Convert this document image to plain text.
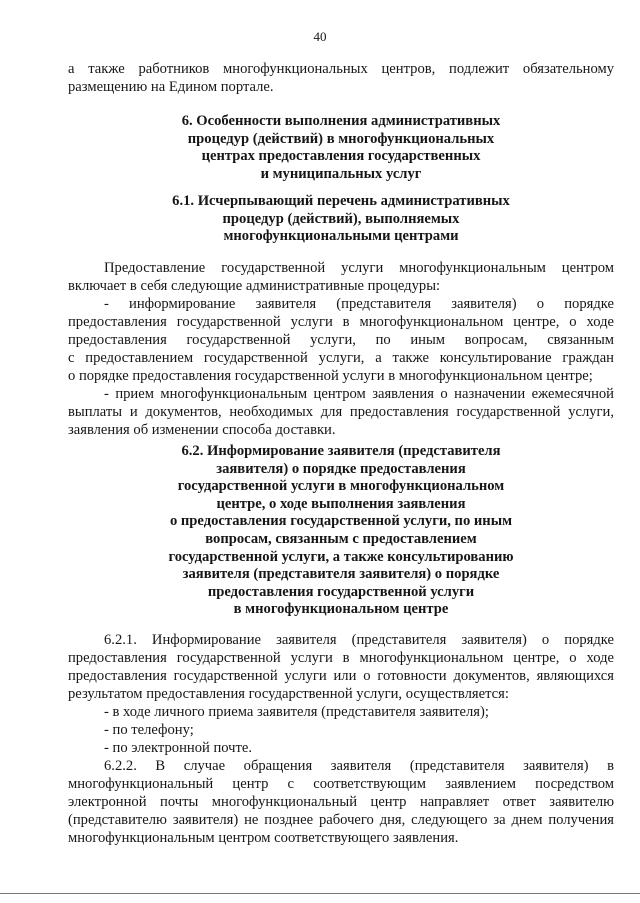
40
а также работников многофункциональных центров, подлежит обязательному
размещению на Едином портале.
6. Особенности выполнения административных
процедур (действий) в многофункциональных
центрах предоставления государственных
и муниципальных услуг
6.1. Исчерпывающий перечень административных
процедур (действий), выполняемых
многофункциональными центрами
Предоставление государственной услуги многофункциональным центром
включает в себя следующие административные процедуры:
- информирование заявителя (представителя заявителя) о порядке
предоставления государственной услуги в многофункциональном центре, о ходе
предоставления государственной услуги, по иным вопросам, связанным
с предоставлением государственной услуги, а также консультирование граждан
о порядке предоставления государственной услуги в многофункциональном центре;
- прием многофункциональным центром заявления о назначении ежемесячной
выплаты и документов, необходимых для предоставления государственной услуги,
заявления об изменении способа доставки.
6.2. Информирование заявителя (представителя
заявителя) о порядке предоставления
государственной услуги в многофункциональном
центре, о ходе выполнения заявления
о предоставления государственной услуги, по иным
вопросам, связанным с предоставлением
государственной услуги, а также консультированию
заявителя (представителя заявителя) о порядке
предоставления государственной услуги
в многофункциональном центре
6.2.1. Информирование заявителя (представителя заявителя) о порядке
предоставления государственной услуги в многофункциональном центре, о ходе
предоставления государственной услуги или о готовности документов, являющихся
результатом предоставления государственной услуги, осуществляется:
- в ходе личного приема заявителя (представителя заявителя);
- по телефону;
- по электронной почте.
6.2.2. В случае обращения заявителя (представителя заявителя) в
многофункциональный центр с соответствующим заявлением посредством
электронной почты многофункциональный центр направляет ответ заявителю
(представителю заявителя) не позднее рабочего дня, следующего за днем получения
многофункциональным центром соответствующего заявления.
